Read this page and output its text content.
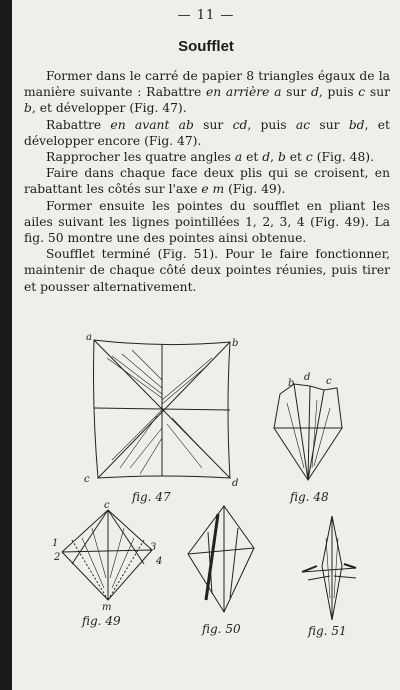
— 11 —
Soufflet

Former dans le carré de papier 8 triangles égaux de la manière suivante : Rabattre en arrière a sur d, puis c sur b, et développer (Fig. 47).

Rabattre en avant ab sur cd, puis ac sur bd, et développer encore (Fig. 47).

Rapprocher les quatre angles a et d, b et c (Fig. 48).

Faire dans chaque face deux plis qui se croisent, en rabattant les côtés sur l'axe e m (Fig. 49).

Former ensuite les pointes du soufflet en pliant les ailes suivant les lignes pointillées 1, 2, 3, 4 (Fig. 49). La fig. 50 montre une des pointes ainsi obtenue.

Soufflet terminé (Fig. 51). Pour le faire fonctionner, maintenir de chaque côté deux pointes réunies, puis tirer et pousser alternativement.

a
b
c	d
b
d c
c
1
2
3
4
m
fig. 47	fig. 48
fig. 49
fig. 50	fig. 51
